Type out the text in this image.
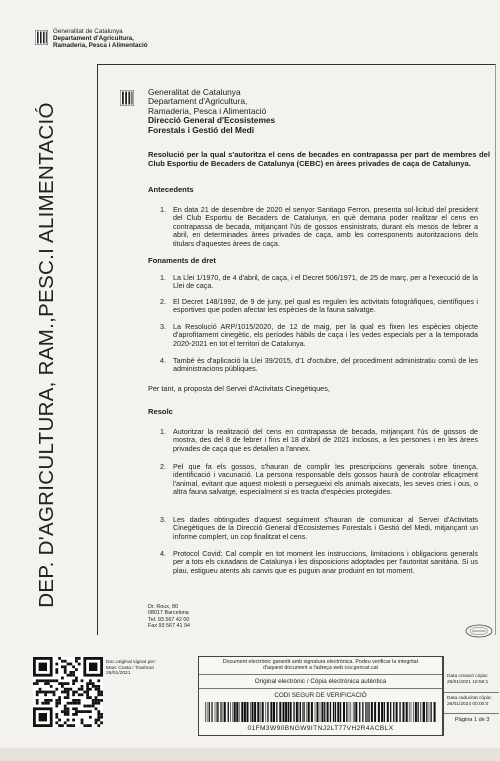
Generalitat de Catalunya
Departament d'Agricultura,
Ramaderia, Pesca i Alimentació
DEP. D'AGRICULTURA, RAM.,PESC.I ALIMENTACIÓ
Generalitat de Catalunya
Departament d'Agricultura,
Ramaderia, Pesca i Alimentació
Direcció General d'Ecosistemes
Forestals i Gestió del Medi
Resolució per la qual s'autoritza el cens de becades en contrapassa per part de membres del Club Esportiu de Becaders de Catalunya (CEBC) en àrees privades de caça de Catalunya.
Antecedents
1. En data 21 de desembre de 2020 el senyor Santiago Ferron, presenta sol·licitud del president del Club Esportiu de Becaders de Catalunya, en què demana poder realitzar el cens en contrapassa de becada, mitjançant l'ús de gossos ensinistrats, durant els mesos de febrer a abril, en determinades àrees privades de caça, amb les corresponents autoritzacions dels titulars d'aquestes àrees de caça.
Fonaments de dret
1. La Llei 1/1970, de 4 d'abril, de caça, i el Decret 506/1971, de 25 de març, per a l'execució de la Llei de caça.
2. El Decret 148/1992, de 9 de juny, pel qual es regulen les activitats fotogràfiques, científiques i esportives que poden afectar les espècies de la fauna salvatge.
3. La Resolució ARP/1015/2020, de 12 de maig, per la qual es fixen les espècies objecte d'aprofitament cinegètic, els períodes hàbils de caça i les vedes especials per a la temporada 2020-2021 en tot el territori de Catalunya.
4. També és d'aplicació la Llei 39/2015, d'1 d'octubre, del procediment administratiu comú de les administracions públiques.
Per tant, a proposta del Servei d'Activitats Cinegètiques,
Resolc
1. Autoritzar la realització del cens en contrapassa de becada, mitjançant l'ús de gossos de mostra, des del 8 de febrer i fins el 18 d'abril de 2021 inclosos, a les persones i en les àrees privades de caça que es detallen a l'annex.
2. Pel que fa els gossos, s'hauran de complir les prescripcions generals sobre tinença, identificació i vacunació. La persona responsable dels gossos haurà de controlar eficaçment l'animal, evitant que aquest molesti o persegueixi els animals aixecats, les seves cries i ous, o altra fauna salvatge, especialment si es tracta d'espècies protegides.
3. Les dades obtingudes d'aquest seguiment s'hauran de comunicar al Servei d'Activitats Cinegètiques de la Direcció General d'Ecosistemes Forestals i Gestió del Medi, mitjançant un informe complert, un cop finalitzat el cens.
4. Protocol Covid: Cal complir en tot moment les instruccions, limitacions i obligacions generals per a tots els ciutadans de Catalunya i les disposicions adoptades per l'autoritat sanitària. Si us plau, estigueu atents als canvis que es puguin anar produint en tot moment.
Dr. Roux, 80
08017 Barcelona
Tel. 93 567 42 00
Fax 93 567 41 94
Doc.original signat per:
Marc Costa i Trashout
26/01/2021
Document electrònic garantit amb signatura electrònica. Podeu verificar la integritat
d'aquest document a l'adreça web csv.gencat.cat
Original electrònic / Còpia electrònica autèntica
CODI SEGUR DE VERIFICACIÓ
01FM3W90BNGW9ITNJ2LT77VH2R4ACBLX
Data creació còpia:
26/01/2021 16:59:1
Data caducitat còpia:
26/01/2024 00:00:0
Pàgina 1 de 3
